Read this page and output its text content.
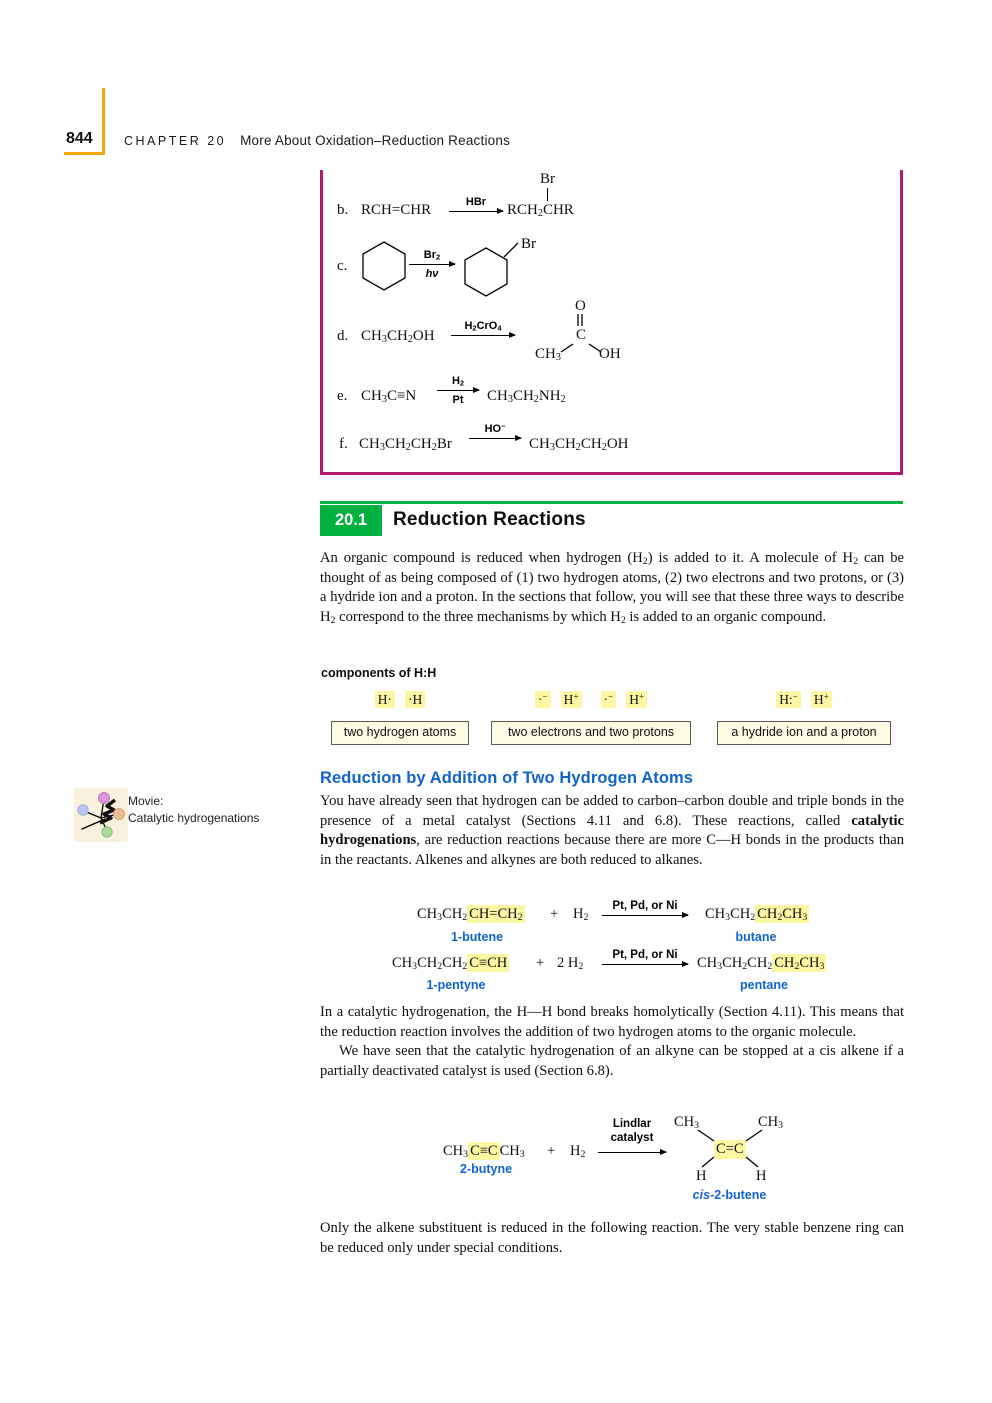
844	CHAPTER 20 More About Oxidation–Reduction Reactions
b. RCH=CHR	HBr	$RCH_2CHR$
Br
c.
Br
$Br_2$
hν
d. $CH_3CH_2OH$
$H_2CrO_4$
O
C
$CH_3$	OH
e. $CH_3C\equiv N$
$H_2$
Pt	$CH_3CH_2NH_2$
f. $CH_3CH_2CH_2Br$
HO−
$CH_3CH_2CH_2OH$
20.1	Reduction Reactions
An organic compound is reduced when hydrogen $(H_2)$ is added to it. A molecule of $H_2$ can be thought of as being composed of (1) two hydrogen atoms, (2) two electrons and two protons, or (3) a hydride ion and a proton. In the sections that follow, you will see that these three ways to describe $H_2$ correspond to the three mechanisms by which $H_2$ is added to an organic compound.
components of H:H
H· ·H
two hydrogen atoms
·− H+ ·− H+
two electrons and two protons
H:− H+
a hydride ion and a proton
Movie:
Catalytic hydrogenations
Reduction by Addition of Two Hydrogen Atoms
You have already seen that hydrogen can be added to carbon–carbon double and triple bonds in the presence of a metal catalyst (Sections 4.11 and 6.8). These reactions, called catalytic hydrogenations, are reduction reactions because there are more C—H bonds in the products than in the reactants. Alkenes and alkynes are both reduced to alkanes.
$CH_3CH_2$ $CH=CH_2 + H_2$
Pt, Pd, or Ni	$CH_3CH_2$ $CH_2CH_3$
1-butene	butane
$CH_3CH_2CH_2$ C≡CH + 2 $H_2$
Pt, Pd, or Ni	$CH_3CH_2CH_2$ $CH_2CH_3$
1-pentyne	pentane

In a catalytic hydrogenation, the H—H bond breaks homolytically (Section 4.11). This means that the reduction reaction involves the addition of two hydrogen atoms to the organic molecule.

We have seen that the catalytic hydrogenation of an alkyne can be stopped at a cis alkene if a partially deactivated catalyst is used (Section 6.8).

$CH_3$ C≡C $CH_3 + H_2$
Lindlar
catalyst
2-butyne
$CH_3$	$CH_3$
C=C
H	H
cis-2-butene
Only the alkene substituent is reduced in the following reaction. The very stable benzene ring can be reduced only under special conditions.
